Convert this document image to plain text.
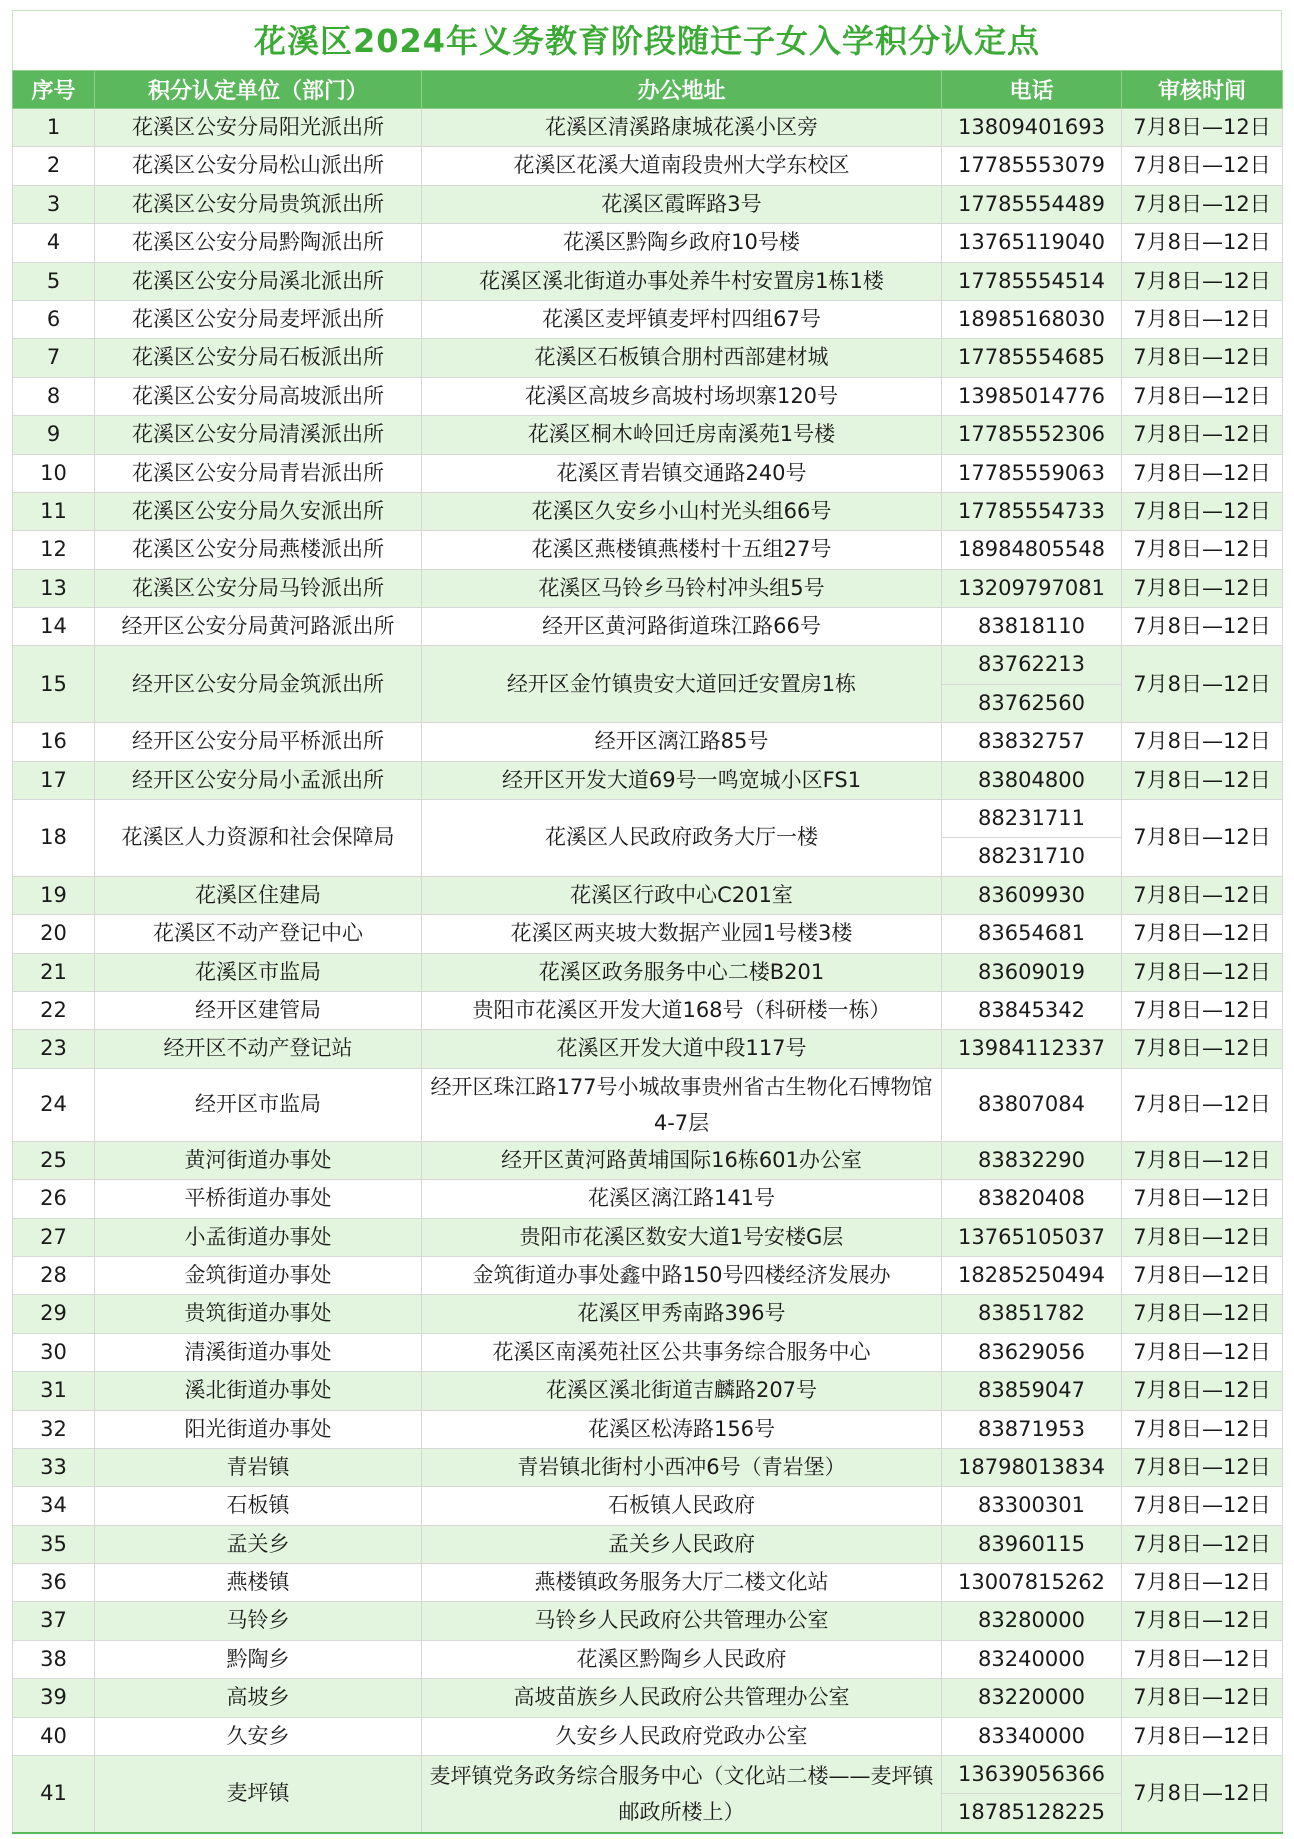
花溪区2024年义务教育阶段随迁子女入学积分认定点
序号	积分认定单位（部门）	办公地址	电话	审核时间
1	花溪区公安分局阳光派出所	花溪区清溪路康城花溪小区旁	13809401693	7月8日—12日
2	花溪区公安分局松山派出所	花溪区花溪大道南段贵州大学东校区	17785553079	7月8日—12日
3	花溪区公安分局贵筑派出所	花溪区霞晖路3号	17785554489	7月8日—12日
4	花溪区公安分局黔陶派出所	花溪区黔陶乡政府10号楼	13765119040	7月8日—12日
5	花溪区公安分局溪北派出所	花溪区溪北街道办事处养牛村安置房1栋1楼	17785554514	7月8日—12日
6	花溪区公安分局麦坪派出所	花溪区麦坪镇麦坪村四组67号	18985168030	7月8日—12日
7	花溪区公安分局石板派出所	花溪区石板镇合朋村西部建材城	17785554685	7月8日—12日
8	花溪区公安分局高坡派出所	花溪区高坡乡高坡村场坝寨120号	13985014776	7月8日—12日
9	花溪区公安分局清溪派出所	花溪区桐木岭回迁房南溪苑1号楼	17785552306	7月8日—12日
10	花溪区公安分局青岩派出所	花溪区青岩镇交通路240号	17785559063	7月8日—12日
11	花溪区公安分局久安派出所	花溪区久安乡小山村光头组66号	17785554733	7月8日—12日
12	花溪区公安分局燕楼派出所	花溪区燕楼镇燕楼村十五组27号	18984805548	7月8日—12日
13	花溪区公安分局马铃派出所	花溪区马铃乡马铃村冲头组5号	13209797081	7月8日—12日
14	经开区公安分局黄河路派出所	经开区黄河路街道珠江路66号	83818110	7月8日—12日
15	经开区公安分局金筑派出所	经开区金竹镇贵安大道回迁安置房1栋	83762213	7月8日—12日
			83762560	
16	经开区公安分局平桥派出所	经开区漓江路85号	83832757	7月8日—12日
17	经开区公安分局小孟派出所	经开区开发大道69号一鸣宽城小区FS1	83804800	7月8日—12日
18	花溪区人力资源和社会保障局	花溪区人民政府政务大厅一楼	88231711	7月8日—12日
			88231710	
19	花溪区住建局	花溪区行政中心C201室	83609930	7月8日—12日
20	花溪区不动产登记中心	花溪区两夹坡大数据产业园1号楼3楼	83654681	7月8日—12日
21	花溪区市监局	花溪区政务服务中心二楼B201	83609019	7月8日—12日
22	经开区建管局	贵阳市花溪区开发大道168号（科研楼一栋）	83845342	7月8日—12日
23	经开区不动产登记站	花溪区开发大道中段117号	13984112337	7月8日—12日
24	经开区市监局	经开区珠江路177号小城故事贵州省古生物化石博物馆4-7层	83807084	7月8日—12日
25	黄河街道办事处	经开区黄河路黄埔国际16栋601办公室	83832290	7月8日—12日
26	平桥街道办事处	花溪区漓江路141号	83820408	7月8日—12日
27	小孟街道办事处	贵阳市花溪区数安大道1号安楼G层	13765105037	7月8日—12日
28	金筑街道办事处	金筑街道办事处鑫中路150号四楼经济发展办	18285250494	7月8日—12日
29	贵筑街道办事处	花溪区甲秀南路396号	83851782	7月8日—12日
30	清溪街道办事处	花溪区南溪苑社区公共事务综合服务中心	83629056	7月8日—12日
31	溪北街道办事处	花溪区溪北街道吉麟路207号	83859047	7月8日—12日
32	阳光街道办事处	花溪区松涛路156号	83871953	7月8日—12日
33	青岩镇	青岩镇北街村小西冲6号（青岩堡）	18798013834	7月8日—12日
34	石板镇	石板镇人民政府	83300301	7月8日—12日
35	孟关乡	孟关乡人民政府	83960115	7月8日—12日
36	燕楼镇	燕楼镇政务服务大厅二楼文化站	13007815262	7月8日—12日
37	马铃乡	马铃乡人民政府公共管理办公室	83280000	7月8日—12日
38	黔陶乡	花溪区黔陶乡人民政府	83240000	7月8日—12日
39	高坡乡	高坡苗族乡人民政府公共管理办公室	83220000	7月8日—12日
40	久安乡	久安乡人民政府党政办公室	83340000	7月8日—12日
41	麦坪镇	麦坪镇党务政务综合服务中心（文化站二楼——麦坪镇邮政所楼上）	13639056366	7月8日—12日
			18785128225	
